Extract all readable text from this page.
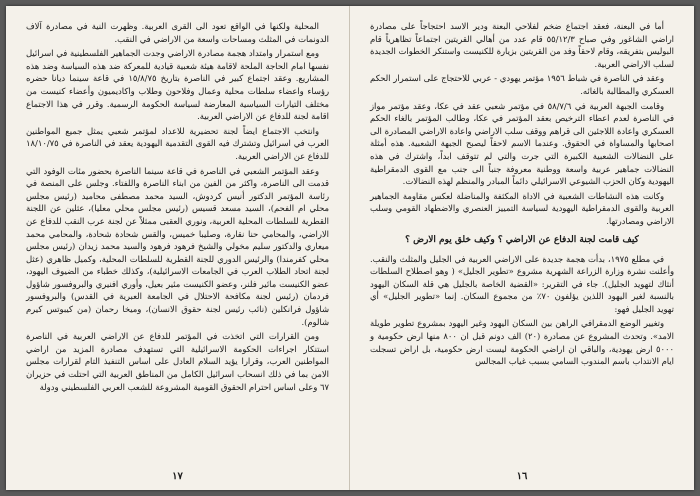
المحلية ولكنها في الواقع تعود الى القرى العربية. وظهرت النية في مصادرة آلاف الدونمات في المثلث ومساحات واسعة من الاراضي في النقب.

ومع استمرار وامتداد هجمة مصادرة الاراضي وجدت الجماهير الفلسطينية في اسرائيل نفسها امام الحاجة الملحة لاقامة هيئة شعبية قيادية للمعركة ضد هذه السياسة وضد هذه المشاريع. وعقد اجتماع كبير في الناصرة بتاريخ ١٥/٨/٧٥ في قاعة سينما ديانا حضره رؤساء واعضاء سلطات محلية وعمال وفلاحون وطلاب واكاديميون وأعضاء كنيست من مختلف التيارات السياسية المعارضة لسياسة الحكومة الرسمية. وقرر في هذا الاجتماع اقامة لجنة للدفاع عن الاراضي العربية.

وانتخب الاجتماع ايضاً لجنة تحضيرية للاعداد لمؤتمر شعبي يمثل جميع المواطنين العرب في اسرائيل وتشترك فيه القوى التقدمية اليهودية يعقد في الناصرة في ١٨/١٠/٧٥ للدفاع عن الاراضي العربية.

وعقد المؤتمر الشعبي في الناصرة في قاعة سينما الناصرة بحضور مئات الوفود التي قدمت الى الناصرة، واكثر من الفين من ابناء الناصرة واللفتاء. وجلس على المنصة في رئاسة المؤتمر الدكتور أنيس كردوش، السيد محمد مصطفى محاميد (رئيس مجلس محلي ام الفحم)، السيد مسعد قسيس (رئيس مجلس محلي معليا)، عثلين عن اللجنة القطرية للسلطات المحلية العربية، ونوري العقبى ممثلاً عن لجنة عرب النقب للدفاع عن الاراضي، والمحامي حنا نقارة، وصليبا خميس، والقس شحادة شحادة، والمحامي محمد ميعاري والدكتور سليم مخولي والشيخ فرهود فرهود والسيد محمد زيدان (رئيس مجلس محلي كفرمندا) والرئيس الدوري للجنة القطرية للسلطات المحلية، وكميل ظاهري (عثل لجنة اتحاد الطلاب العرب في الجامعات الاسرائيلية)، وكذلك خطباء من الضيوف اليهود، عضو الكنيست مائير فلنر، وعضو الكنيست مئير بعيل، وأوري افنيري والبروفسور شاؤول فردمان (رئيس لجنة مكافحة الاحتلال في الجامعة العبرية في القدس) والبروفسور شاؤول فرانكلين (نائب رئيس لجنة حقوق الانسان)، وميخا رحمان (من كيبوتس كيرم شالوم).

ومن القرارات التي اتخذت في المؤتمر للدفاع عن الاراضي العربية في الناصرة استنكار اجراءات الحكومة الاسرائيلية التي تستهدف مصادرة المزيد من اراضي المواطنين العرب، وقرارا يؤيد السلام العادل على اساس التنفيذ التام لقرارات مجلس الامن بما في ذلك انسحاب اسرائيل الكامل من المناطق العربية التي احتلت في حزيران ٦٧ وعلى اساس احترام الحقوق القومية المشروعة للشعب العربي الفلسطيني ودولة

١٧

أما في البعنة، فعقد اجتماع ضخم لفلاحي البعنة ودير الاسد احتجاجاً على مصادرة اراضي الشاغور وفي صباح ٥٥/١٢/٣ قام عدد من أهالي القريتين اجتماعاً تظاهرياً قام البوليس بتفريقه، وقام لاحقاً وفد من القريتين بزيارة للكنيست واستنكر الخطوات الجديدة لسلب الاراضي العربية.

وعقد في الناصرة في شباط ١٩٥٦ مؤتمر يهودي - عربي للاحتجاج على استمرار الحكم العسكري والمطالبة بالغائه.

وقامت الجبهة العربية في ٥٨/٧/٦ في مؤتمر شعبي عقد في عكا، وعقد مؤتمر مواز في الناصرة لعدم اعطاء الترخيص بعقد المؤتمر في عكا، وطالب المؤتمر بالغاء الحكم العسكري واعادة اللاجئين الى قراهم ووقف سلب الاراضي واعادة الاراضي المصادرة الى اصحابها والمساواة في الحقوق. وعندما الاسم لاحقاً ليصبح الجبهة الشعبية. هذه أمثلة على النضالات الشعبية الكبيرة التي جرت والتي لم تتوقف ابداً، واشترك في هذه النضالات جماهير عربية واسعة ووطنية معروفة جنباً الى جنب مع القوى الدمقراطية اليهودية وكان الحزب الشيوعي الاسرائيلي دائماً المبادر والمنظم لهذه النضالات.

وكانت هذه النشاطات الشعبية في الاداة المكثفة والمناضلة لعكس مقاومة الجماهير العربية والقوى الدمقراطية اليهودية لسياسة التمييز العنصري والاضطهاد القومي وسلب الاراضي ومصادرتها.

كيف قامت لجنة الدفاع عن الاراضي ؟ وكيف خلق يوم الارض ؟

في مطلع ١٩٧٥، بدأت هجمة جديدة على الاراضي العربية في الجليل والمثلث والنقب. وأعلنت نشرة وزارة الزراعة الشهرية مشروع «تطوير الجليل» ( وهو اصطلاح السلطات أنثاك لتهويد الجليل). جاء في التقرير: «القضية الخاصة بالجليل هي قلة السكان اليهود بالنسبة لغير اليهود اللذين يؤلفون ٧٠٪ من مجموع السكان. إنما «تطوير الجليل» أي تهويد الجليل فهو:

وتغيير الوضع الدمقرافي الراهن بين السكان اليهود وغير اليهود بمشروع تطوير طويلة الامد». وتحدث المشروع عن مصادرة (٢٠) الف دونم قبل ان ٨٠٠ منها ارض حكومية و ٥٠٠٠ ارض يهودية، والباقي ان اراضي الحكومة ليست ارض حكومية، بل اراض تسجلت ايام الانتداب باسم المندوب السامي بسبب غياب المجالس

١٦
